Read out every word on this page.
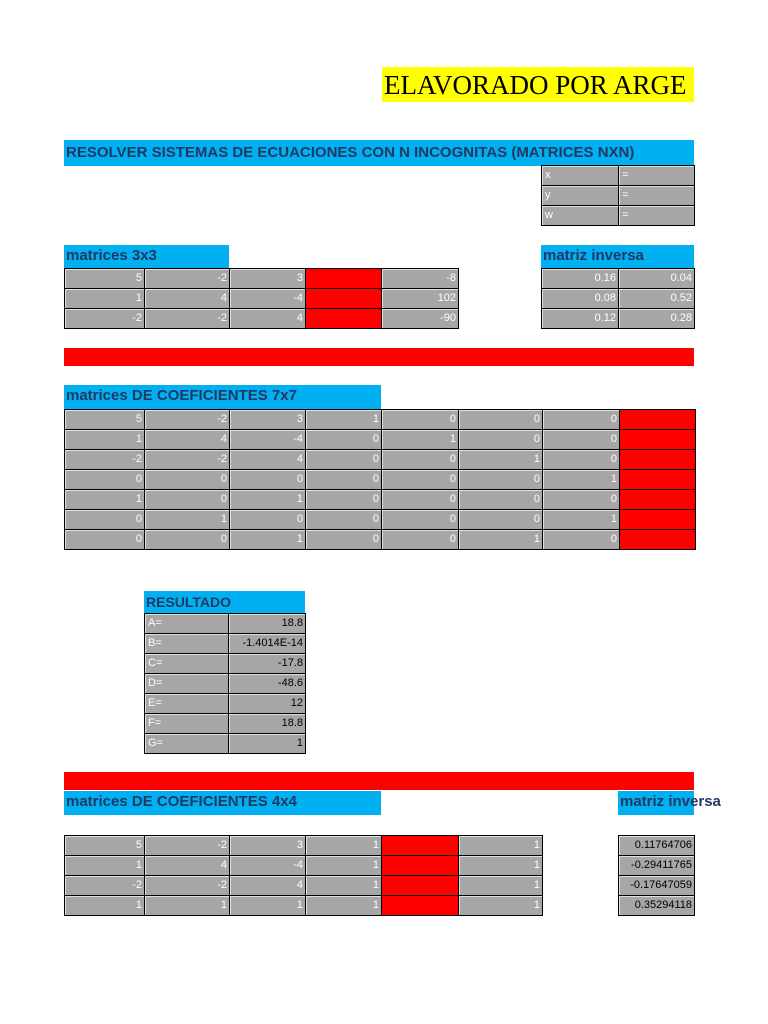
ELAVORADO POR ARGE
RESOLVER SISTEMAS DE ECUACIONES CON N INCOGNITAS (MATRICES NXN)
x	=
y	=
w	=
matrices 3x3
5	-2	3	-8
1	4	-4	102
-2	-2	4	-90
matriz inversa
0.16	0.04
0.08	0.52
0.12	0.28
matrices DE COEFICIENTES 7x7
5	-2	3	1	0	0	0
1	4	-4	0	1	0	0
-2	-2	4	0	0	1	0
0	0	0	0	0	0	1
1	0	1	0	0	0	0
0	1	0	0	0	0	1
0	0	1	0	0	1	0
RESULTADO
A=	18.8
B=	-1.4014E-14
C=	-17.8
D=	-48.6
E=	12
F=	18.8
G=	1
matrices DE COEFICIENTES 4x4	matriz inversa
5	-2	3	1	1
1	4	-4	1	1
-2	-2	4	1	1
1	1	1	1	1
0.11764706
-0.29411765
-0.17647059
0.35294118
